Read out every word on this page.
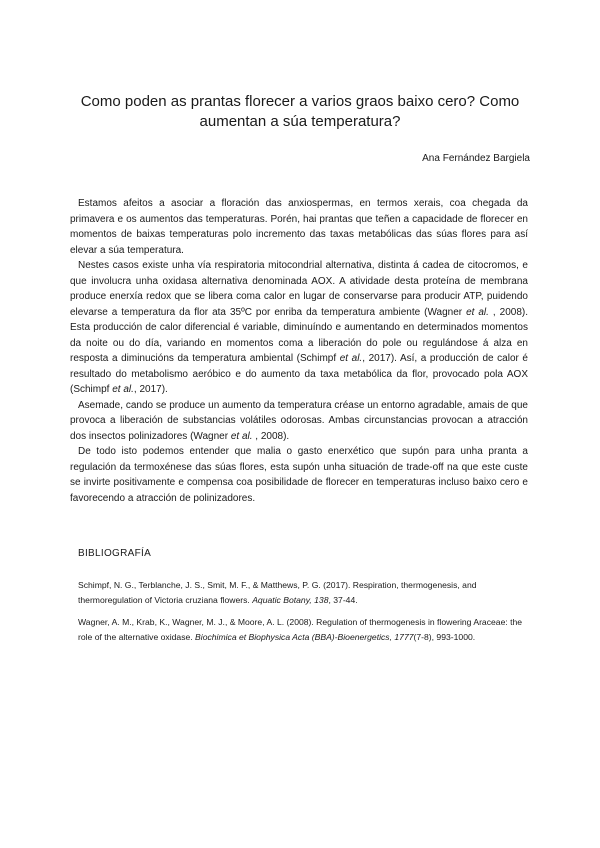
Como poden as prantas florecer a varios graos baixo cero? Como aumentan a súa temperatura?
Ana Fernández Bargiela

Estamos afeitos a asociar a floración das anxiospermas, en termos xerais, coa chegada da primavera e os aumentos das temperaturas. Porén, hai prantas que teñen a capacidade de florecer en momentos de baixas temperaturas polo incremento das taxas metabólicas das súas flores para así elevar a súa temperatura.

Nestes casos existe unha vía respiratoria mitocondrial alternativa, distinta á cadea de citocromos, e que involucra unha oxidasa alternativa denominada AOX. A atividade desta proteína de membrana produce enerxía redox que se libera coma calor en lugar de conservarse para producir ATP, puidendo elevarse a temperatura da flor ata 35ºC por enriba da temperatura ambiente (Wagner et al. , 2008). Esta producción de calor diferencial é variable, diminuíndo e aumentando en determinados momentos da noite ou do día, variando en momentos coma a liberación do pole ou regulándose á alza en resposta a diminucións da temperatura ambiental (Schimpf et al., 2017). Así, a producción de calor é resultado do metabolismo aeróbico e do aumento da taxa metabólica da flor, provocado pola AOX (Schimpf et al., 2017).

Asemade, cando se produce un aumento da temperatura créase un entorno agradable, amais de que provoca a liberación de substancias volátiles odorosas. Ambas circunstancias provocan a atracción dos insectos polinizadores (Wagner et al. , 2008).

De todo isto podemos entender que malia o gasto enerxético que supón para unha pranta a regulación da termoxénese das súas flores, esta supón unha situación de trade-off na que este custe se invirte positivamente e compensa coa posibilidade de florecer en temperaturas incluso baixo cero e favorecendo a atracción de polinizadores.

BIBLIOGRAFÍA
Schimpf, N. G., Terblanche, J. S., Smit, M. F., & Matthews, P. G. (2017). Respiration, thermogenesis, and thermoregulation of Victoria cruziana flowers. Aquatic Botany, 138, 37-44.
Wagner, A. M., Krab, K., Wagner, M. J., & Moore, A. L. (2008). Regulation of thermogenesis in flowering Araceae: the role of the alternative oxidase. Biochimica et Biophysica Acta (BBA)-Bioenergetics, 1777(7-8), 993-1000.
